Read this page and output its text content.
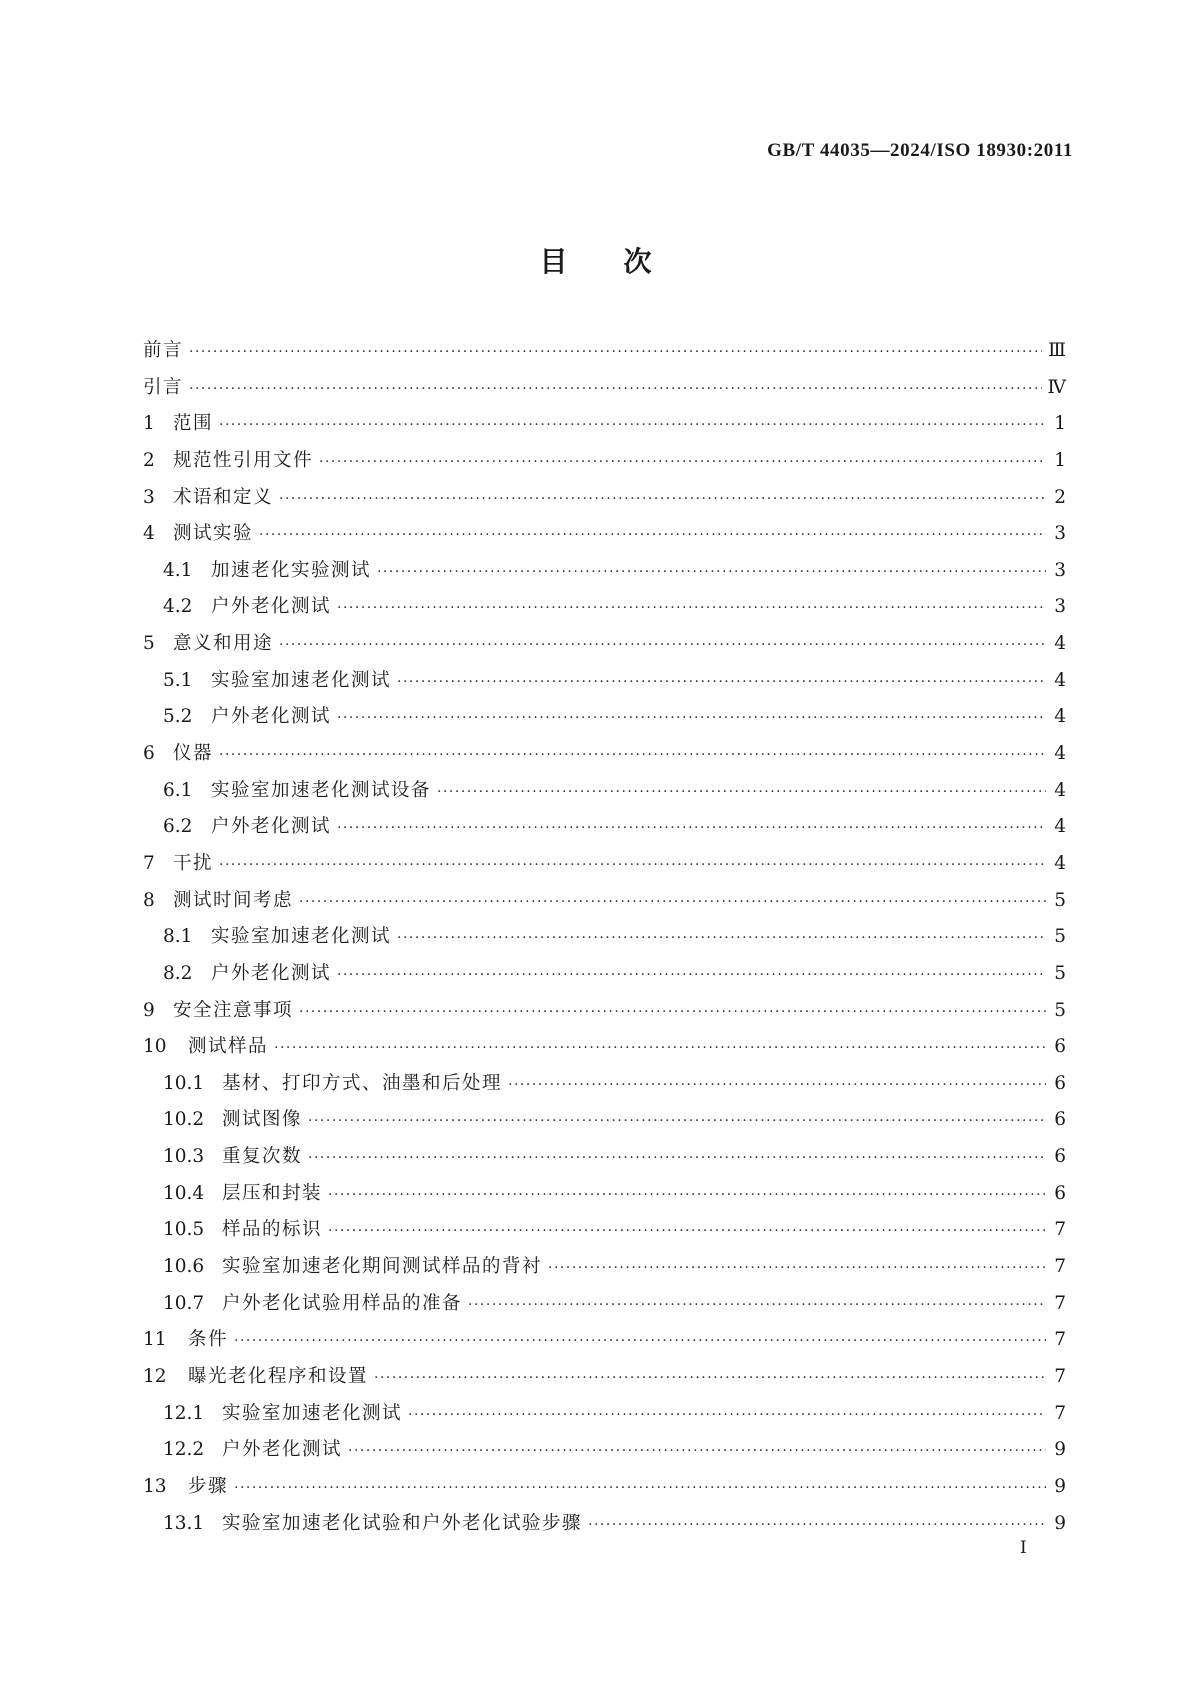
GB/T 44035—2024/ISO 18930:2011
目次
前言 ·····	Ⅲ
引言 ·····	Ⅳ
1 范围 ·····	1
2 规范性引用文件 ·····	1
3 术语和定义 ·····	2
4 测试实验 ·····	3
4.1	加速老化实验测试 ·····	3
4.2	户外老化测试 ·····	3
5 意义和用途 ·····	4
5.1	实验室加速老化测试 ·····	4
5.2	户外老化测试 ·····	4
6 仪器 ·····	4
6.1	实验室加速老化测试设备 ·····	4
6.2	户外老化测试 ·····	4
7 干扰 ·····	4
8 测试时间考虑 ·····	5
8.1	实验室加速老化测试 ·····	5
8.2	户外老化测试 ·····	5
9 安全注意事项 ·····	5
10	测试样品 ·····	6
10.1 基材、打印方式、油墨和后处理 ·····	6
10.2 测试图像 ·····	6
10.3 重复次数 ·····	6
10.4 层压和封装 ·····	6
10.5 样品的标识 ·····	7
10.6 实验室加速老化期间测试样品的背衬 ·····	7
10.7 户外老化试验用样品的准备 ·····	7
11	条件 ·····	7
12	曝光老化程序和设置 ·····	7
12.1 实验室加速老化测试 ·····	7
12.2 户外老化测试 ·····	9
13	步骤 ·····	9
13.1 实验室加速老化试验和户外老化试验步骤 ·····	9
Ⅰ
